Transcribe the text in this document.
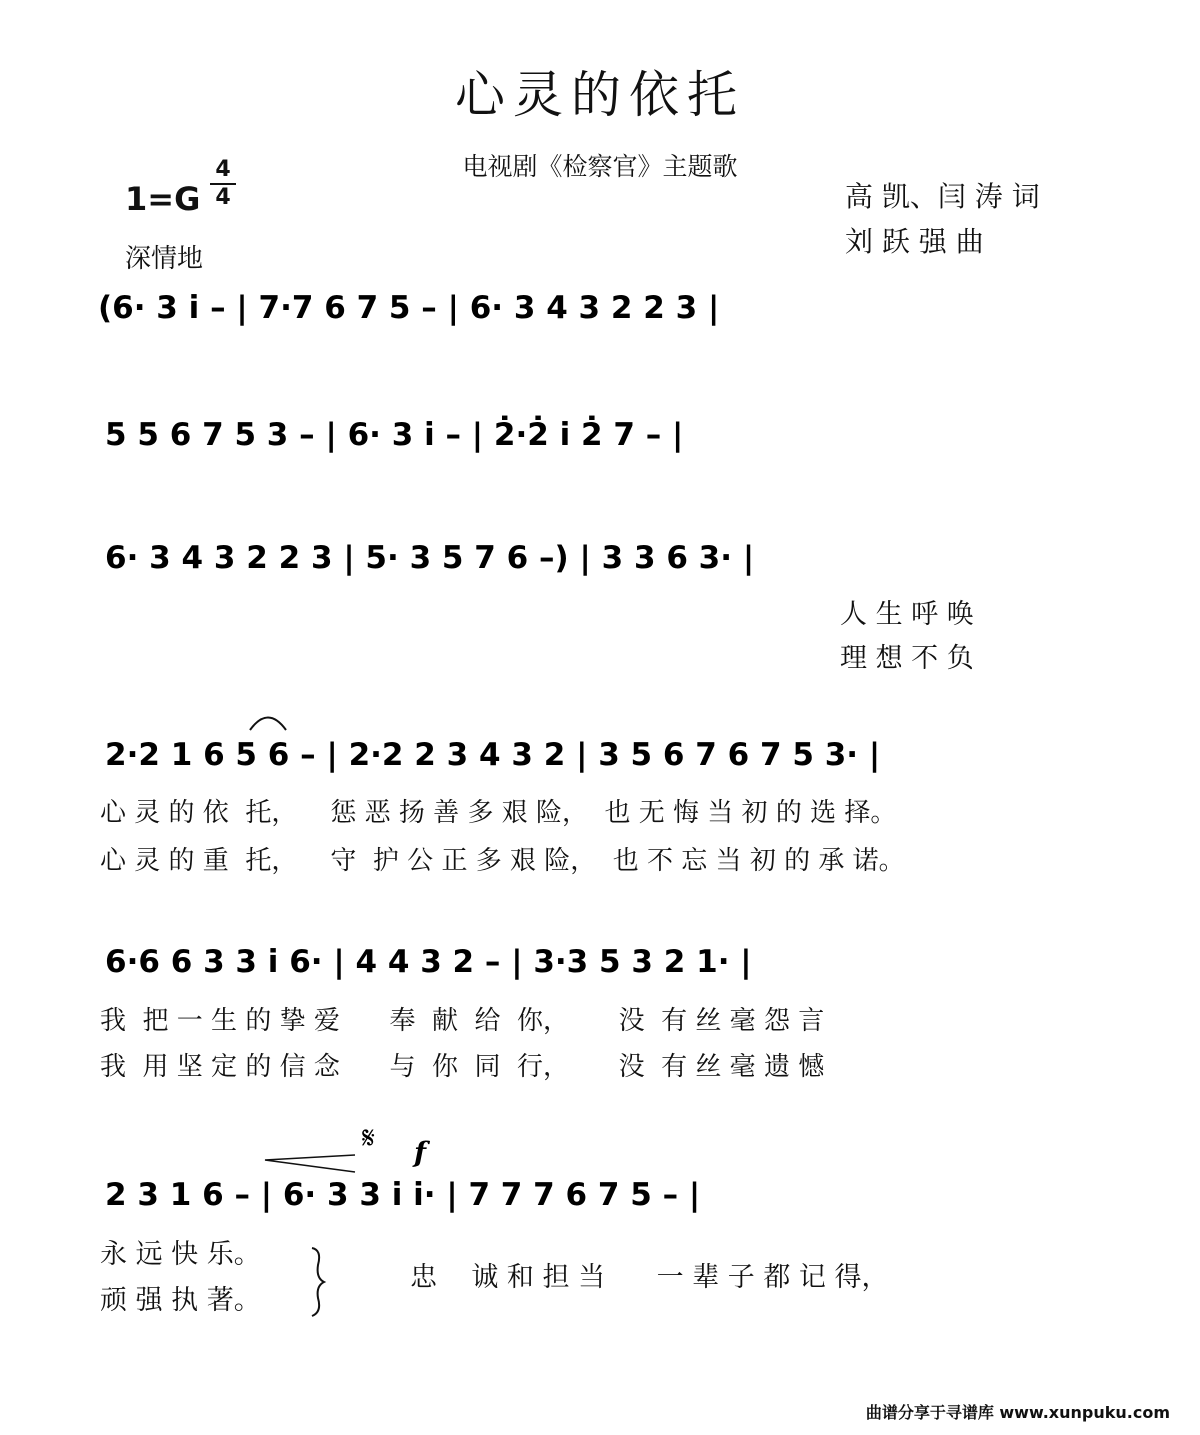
心灵的依托
电视剧《检察官》主题歌
高 凯、闫 涛 词
刘 跃 强 曲
1=G
4
4
深情地
(6· 3 i̇ – | 7·7 6 7 5 – | 6· 3 4 3 2 2 3 |
5 5 6 7 5 3 – | 6· 3 i̇ – | 2̇·2̇ i̇ 2̇ 7 – |
6· 3 4 3 2 2 3 | 5· 3 5 7 6 –) | 3 3 6 3· |
2·2 1 6 5 6 – | 2·2 2 3 4 3 2 | 3 5 6 7 6 7 5 3· |
6·6 6 3 3 i̇ 6· | 4 4 3 2 – | 3·3 5 3 2 1· |
2 3 1 6 – | 6· 3 3 i̇ i̇· | 7 7 7 6 7 5 – |
𝄋 f
人 生 呼 唤
理 想 不 负
心 灵 的 依  托，    惩 恶 扬 善 多 艰 险，  也 无 悔 当 初 的 选 择。
心 灵 的 重  托，    守  护 公 正 多 艰 险，  也 不 忘 当 初 的 承 诺。
我  把 一 生 的 挚 爱      奉  献  给  你，      没  有 丝 毫 怨 言
我  用 坚 定 的 信 念      与  你  同  行，      没  有 丝 毫 遗 憾
永 远 快 乐。
顽 强 执 著。
忠    诚 和 担 当      一 辈 子 都 记 得，
曲谱分享于寻谱库 www.xunpuku.com
